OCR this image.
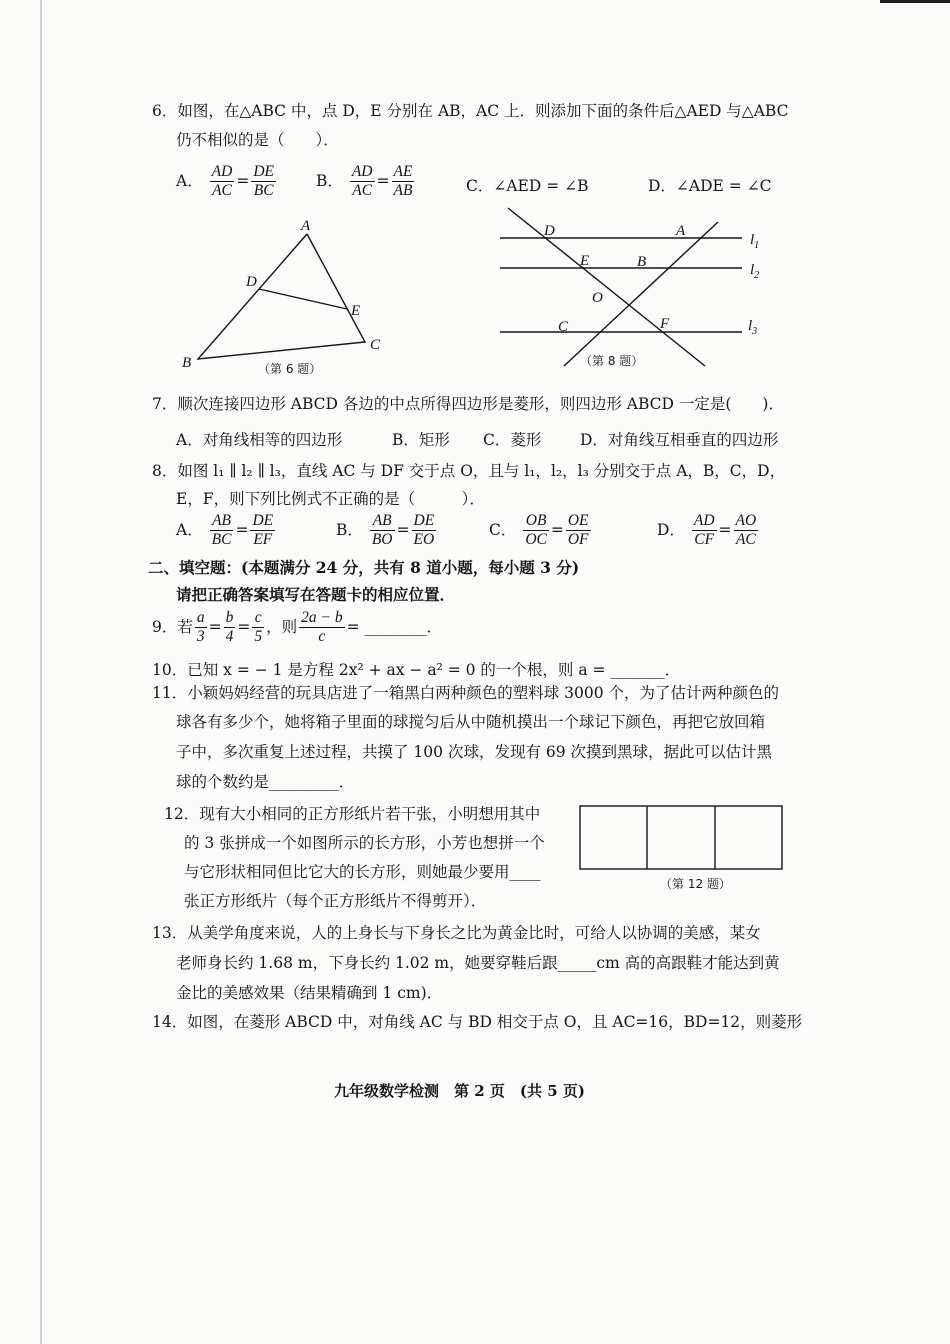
6．如图，在△ABC 中，点 D，E 分别在 AB，AC 上．则添加下面的条件后△AED 与△ABC
仍不相似的是（　　）．
A． $\frac{AD}{AC} = \frac{DE}{BC}$	B． $\frac{AD}{AC} = \frac{AE}{AB}$	C．∠AED = ∠B	D．∠ADE = ∠C
A
B
C
D
E
（第 6 题）
D	A
E	B
O
C	F
$l_1$
$l_2$
$l_3$
（第 8 题）
7．顺次连接四边形 ABCD 各边的中点所得四边形是菱形，则四边形 ABCD 一定是(　　)．
A．对角线相等的四边形	B．矩形 C．菱形 D．对角线互相垂直的四边形
8．如图 l₁ ∥ l₂ ∥ l₃，直线 AC 与 DF 交于点 O，且与 l₁，l₂，l₃ 分别交于点 A，B，C，D，
E，F，则下列比例式不正确的是（　　　）．
A． $\frac{AB}{BC} = \frac{DE}{EF}$	B． $\frac{AB}{BO} = \frac{DE}{EO}$	C． $\frac{OB}{OC} = \frac{OE}{OF}$	D． $\frac{AD}{CF} = \frac{AO}{AC}$
二、填空题：(本题满分 24 分，共有 8 道小题，每小题 3 分)
请把正确答案填写在答题卡的相应位置．
9．若 $\frac{a}{3} = \frac{b}{4} = \frac{c}{5}$ ，则 $\frac{2a - b}{c}$ = ________．
10．已知 x = − 1 是方程 2x² + ax − a² = 0 的一个根，则 a = _______．
11．小颖妈妈经营的玩具店进了一箱黑白两种颜色的塑料球 3000 个，为了估计两种颜色的
球各有多少个，她将箱子里面的球搅匀后从中随机摸出一个球记下颜色，再把它放回箱
子中，多次重复上述过程，共摸了 100 次球，发现有 69 次摸到黑球，据此可以估计黑
球的个数约是_________．
12．现有大小相同的正方形纸片若干张，小明想用其中
的 3 张拼成一个如图所示的长方形，小芳也想拼一个
与它形状相同但比它大的长方形，则她最少要用____
张正方形纸片（每个正方形纸片不得剪开）．
（第 12 题）
13．从美学角度来说，人的上身长与下身长之比为黄金比时，可给人以协调的美感，某女
老师身长约 1.68 m，下身长约 1.02 m，她要穿鞋后跟_____cm 高的高跟鞋才能达到黄
金比的美感效果（结果精确到 1 cm)．
14．如图，在菱形 ABCD 中，对角线 AC 与 BD 相交于点 O，且 AC=16，BD=12，则菱形
九年级数学检测　第 2 页　(共 5 页)
